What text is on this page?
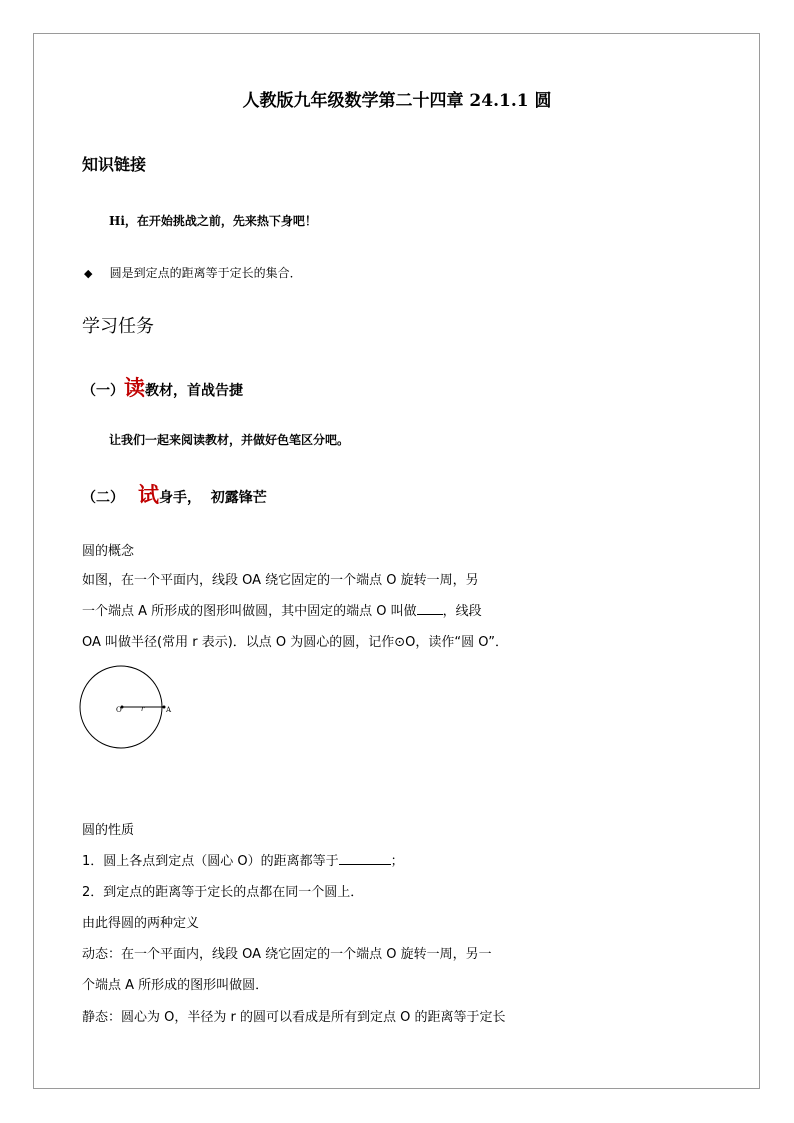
人教版九年级数学第二十四章 24.1.1 圆
知识链接
Hi，在开始挑战之前，先来热下身吧！
◆ 圆是到定点的距离等于定长的集合．
学习任务
（一）读教材，首战告捷
让我们一起来阅读教材，并做好色笔区分吧。
（二） 试身手，  初露锋芒
圆的概念
如图，在一个平面内，线段 OA 绕它固定的一个端点 O 旋转一周，另
一个端点 A 所形成的图形叫做圆，其中固定的端点 O 叫做 ，线段
OA 叫做半径(常用 r 表示)．以点 O 为圆心的圆，记作⊙O，读作“圆 O”．
O	r	A
圆的性质
1．圆上各点到定点（圆心 O）的距离都等于	；
2．到定点的距离等于定长的点都在同一个圆上．
由此得圆的两种定义
动态：在一个平面内，线段 OA 绕它固定的一个端点 O 旋转一周，另一
个端点 A 所形成的图形叫做圆．
静态：圆心为 O，半径为 r 的圆可以看成是所有到定点 O 的距离等于定长
